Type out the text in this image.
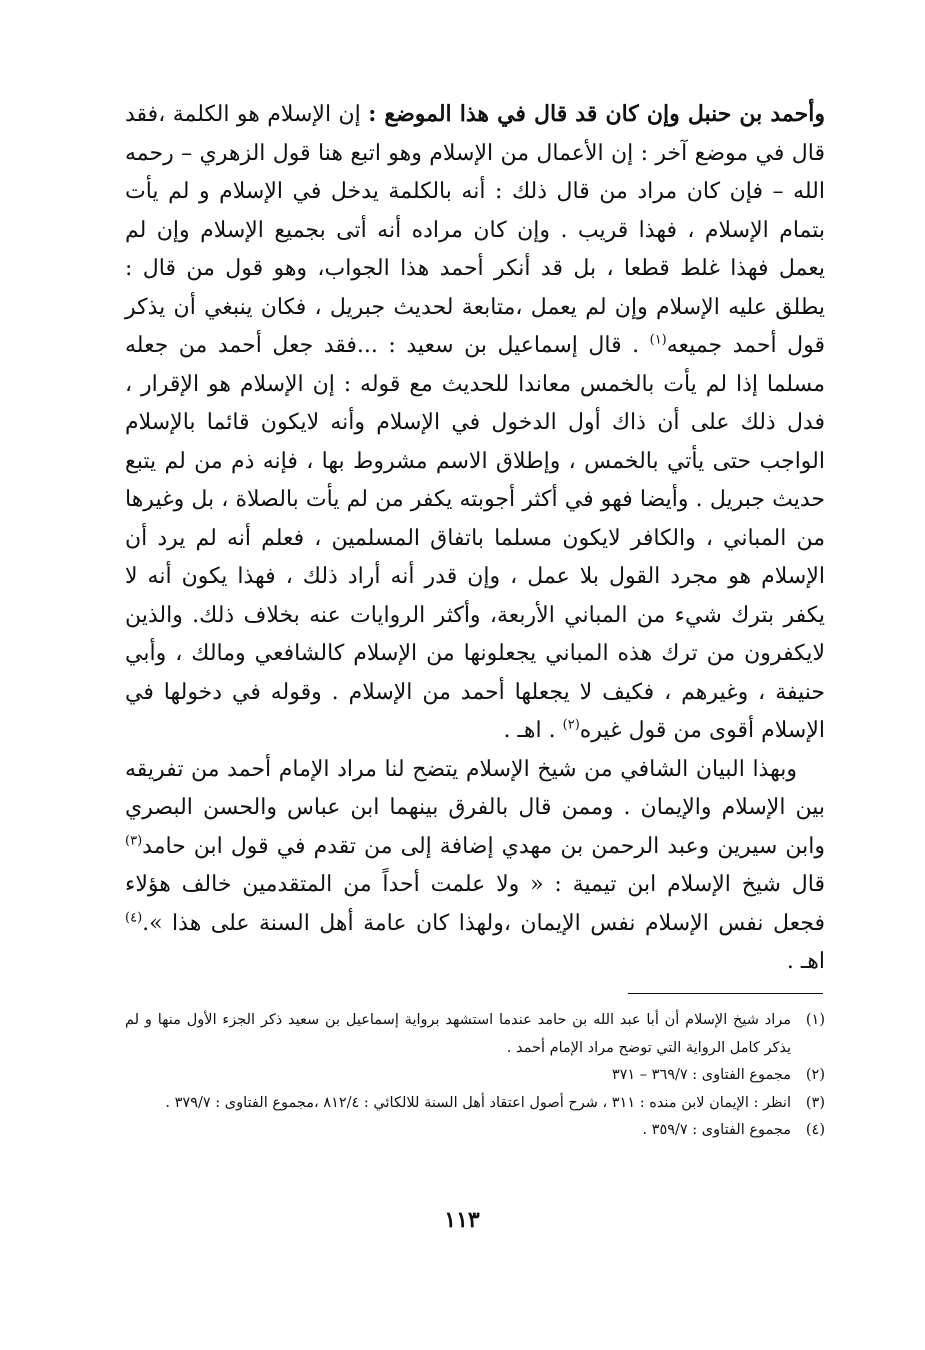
وأحمد بن حنبل وإن كان قد قال في هذا الموضع : إن الإسلام هو الكلمة ،فقد قال في موضع آخر : إن الأعمال من الإسلام وهو اتبع هنا قول الزهري – رحمه الله – فإن كان مراد من قال ذلك : أنه بالكلمة يدخل في الإسلام و لم يأت بتمام الإسلام ، فهذا قريب . وإن كان مراده أنه أتى بجميع الإسلام وإن لم يعمل فهذا غلط قطعا ، بل قد أنكر أحمد هذا الجواب، وهو قول من قال : يطلق عليه الإسلام وإن لم يعمل ،متابعة لحديث جبريل ، فكان ينبغي أن يذكر قول أحمد جميعه$^{(١)}$ . قال إسماعيل بن سعيد : ...فقد جعل أحمد من جعله مسلما إذا لم يأت بالخمس معاندا للحديث مع قوله : إن الإسلام هو الإقرار ، فدل ذلك على أن ذاك أول الدخول في الإسلام وأنه لايكون قائما بالإسلام الواجب حتى يأتي بالخمس ، وإطلاق الاسم مشروط بها ، فإنه ذم من لم يتبع حديث جبريل . وأيضا فهو في أكثر أجوبته يكفر من لم يأت بالصلاة ، بل وغيرها من المباني ، والكافر لايكون مسلما باتفاق المسلمين ، فعلم أنه لم يرد أن الإسلام هو مجرد القول بلا عمل ، وإن قدر أنه أراد ذلك ، فهذا يكون أنه لا يكفر بترك شيء من المباني الأربعة، وأكثر الروايات عنه بخلاف ذلك. والذين لايكفرون من ترك هذه المباني يجعلونها من الإسلام كالشافعي ومالك ، وأبي حنيفة ، وغيرهم ، فكيف لا يجعلها أحمد من الإسلام . وقوله في دخولها في الإسلام أقوى من قول غيره$^{(٢)}$ . اهـ .

وبهذا البيان الشافي من شيخ الإسلام يتضح لنا مراد الإمام أحمد من تفريقه بين الإسلام والإيمان . وممن قال بالفرق بينهما ابن عباس والحسن البصري وابن سيرين وعبد الرحمن بن مهدي إضافة إلى من تقدم في قول ابن حامد$^{(٣)}$ قال شيخ الإسلام ابن تيمية : « ولا علمت أحداً من المتقدمين خالف هؤلاء فجعل نفس الإسلام نفس الإيمان ،ولهذا كان عامة أهل السنة على هذا ».$^{(٤)}$ اهـ .

(١)
مراد شيخ الإسلام أن أبا عبد الله بن حامد عندما استشهد برواية إسماعيل بن سعيد ذكر الجزء الأول منها و لم يذكر كامل الرواية التي توضح مراد الإمام أحمد .
(٢)
مجموع الفتاوى : ٣٦٩/٧ – ٣٧١
(٣)
انظر : الإيمان لابن منده : ٣١١ ، شرح أصول اعتقاد أهل السنة للالكائي : ٨١٢/٤ ،مجموع الفتاوى : ٣٧٩/٧ .
(٤)
مجموع الفتاوى : ٣٥٩/٧ .
١١٣
